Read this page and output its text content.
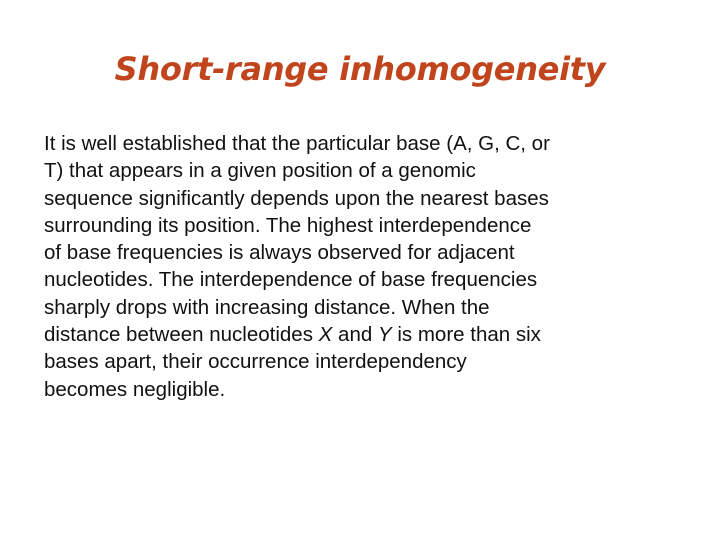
Short-range inhomogeneity
It is well established that the particular base (A, G, C, or
T) that appears in a given position of a genomic
sequence significantly depends upon the nearest bases
surrounding its position. The highest interdependence
of base frequencies is always observed for adjacent
nucleotides. The interdependence of base frequencies
sharply drops with increasing distance. When the
distance between nucleotides X and Y is more than six
bases apart, their occurrence interdependency
becomes negligible.
